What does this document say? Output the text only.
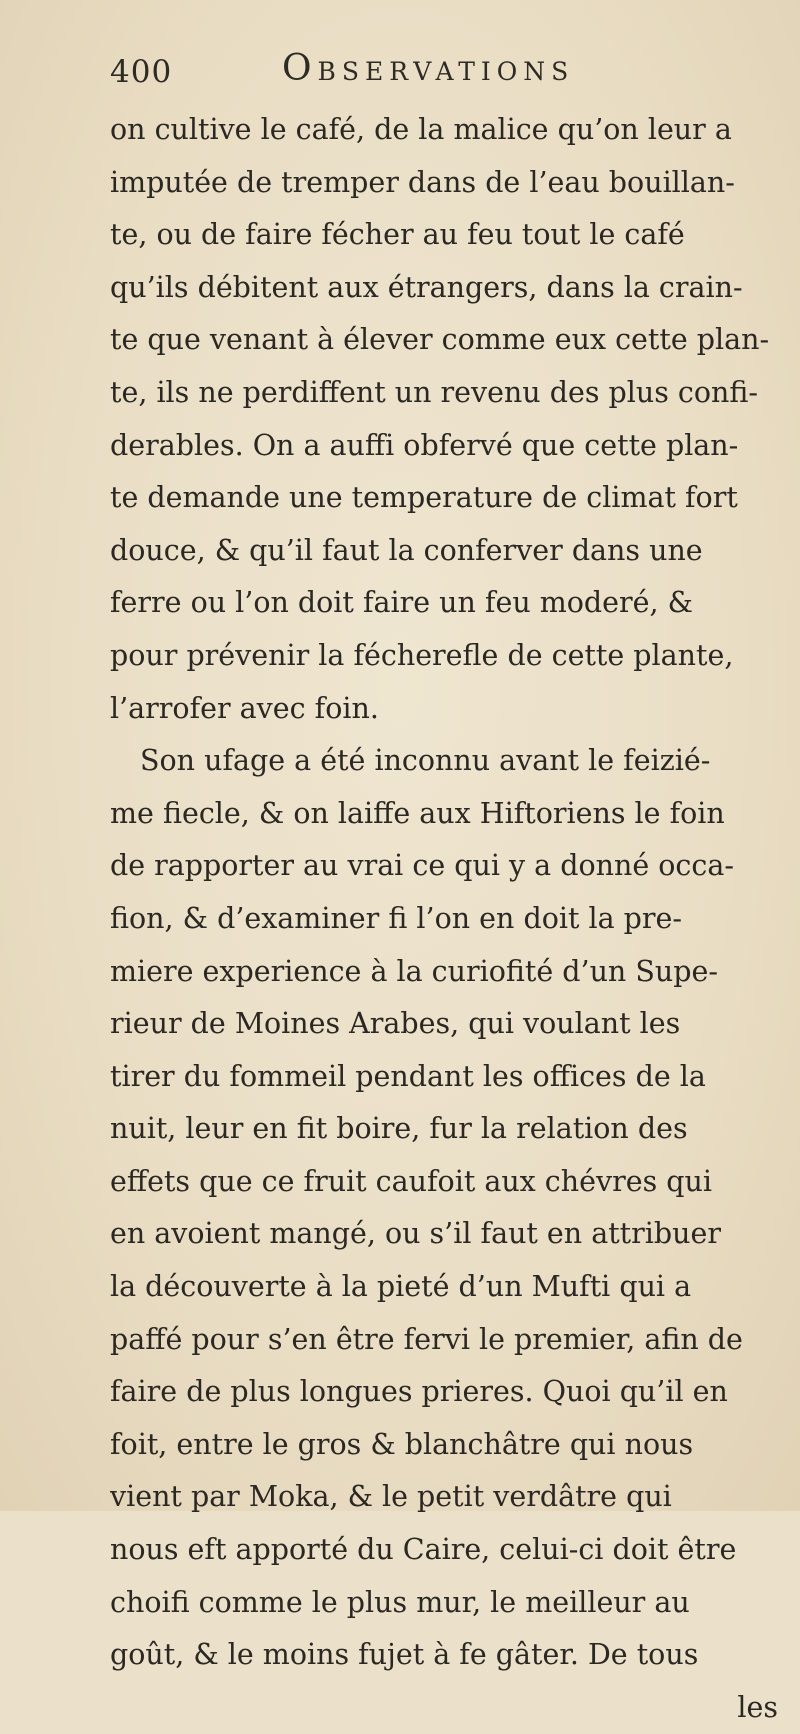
400	Observations
on cultive le café, de la malice qu’on leur a
imputée de tremper dans de l’eau bouillan-
te, ou de faire fécher au feu tout le café
qu’ils débitent aux étrangers, dans la crain-
te que venant à élever comme eux cette plan-
te, ils ne perdiffent un revenu des plus confi-
derables. On a auffi obfervé que cette plan-
te demande une temperature de climat fort
douce, & qu’il faut la conferver dans une
ferre ou l’on doit faire un feu moderé, &
pour prévenir la fécherefle de cette plante,
l’arrofer avec foin.
Son ufage a été inconnu avant le feizié-
me fiecle, & on laiffe aux Hiftoriens le foin
de rapporter au vrai ce qui y a donné occa-
fion, & d’examiner fi l’on en doit la pre-
miere experience à la curiofité d’un Supe-
rieur de Moines Arabes, qui voulant les
tirer du fommeil pendant les offices de la
nuit, leur en fit boire, fur la relation des
effets que ce fruit caufoit aux chévres qui
en avoient mangé, ou s’il faut en attribuer
la découverte à la pieté d’un Mufti qui a
paffé pour s’en être fervi le premier, afin de
faire de plus longues prieres. Quoi qu’il en
foit, entre le gros & blanchâtre qui nous
vient par Moka, & le petit verdâtre qui
nous eft apporté du Caire, celui-ci doit être
choifi comme le plus mur, le meilleur au
goût, & le moins fujet à fe gâter. De tous
les
